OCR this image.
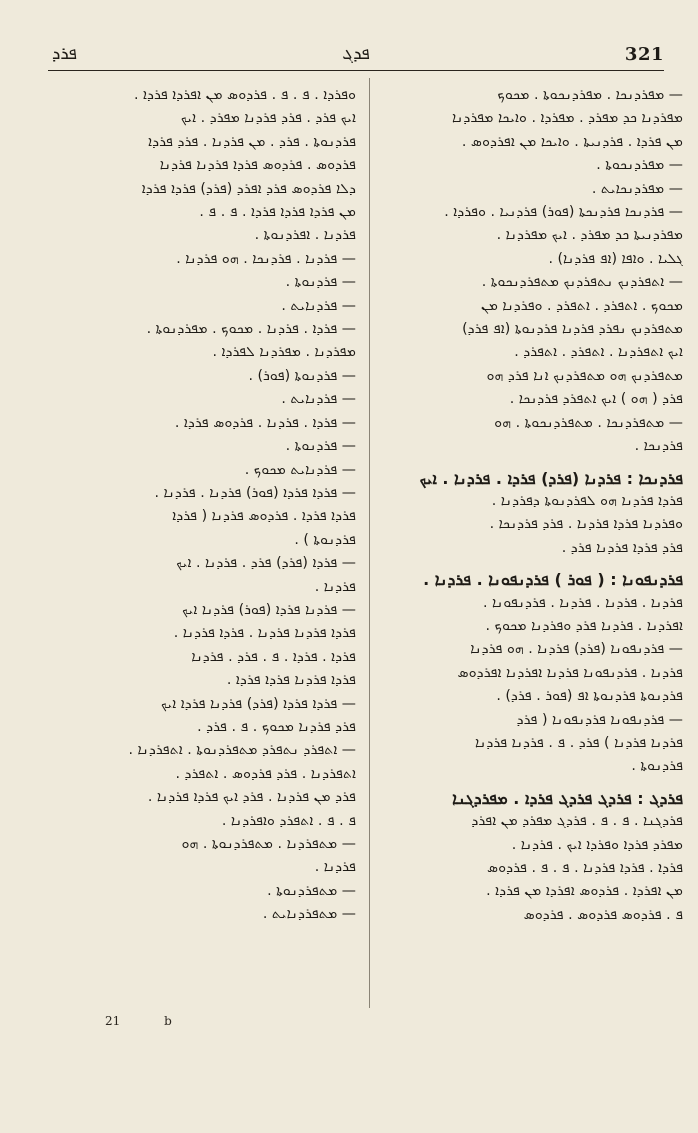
ܦܪܕ	ܦܕܓ	321
ܘܦܪܕܐ . ܦ . ܦ . ܦܪܕܘܣ ܡܢ ܐܦܪܕܐ ܦܪܕܐ .
ܐܝܟ ܦܪܕ . ܦܪܕ ܦܪܕܢܐ ܡܦܪܕ . ܐܝܟ
ܦܪܕܢܘܬܐ . ܦܪܕ . ܡܢ ܦܪܕܢܐ . ܦܪܕ ܦܪܕܐ
ܦܪܕܘܣ . ܦܪܕܘܣ ܦܪܕܐ ܦܪܕܢܐ ܦܪܕܢܐ
ܕܠܐ ܦܪܕܘܣ ܦܪܕ ܐܦܪܕ (ܦܪܕ) ܦܪܕܐ ܦܪܕܐ
ܡܢ ܦܪܕܐ ܦܪܕܐ ܦܪܕܐ . ܦ . ܦ .
ܦܪܕܢܐ . ܐܦܪܕܢܘܬܐ .
— ܦܪܕܢܐ . ܦܪܕܢܟܐ . ܗܘ ܦܪܕܢܐ .
— ܦܪܕܢܘܬܐ .
— ܦܪܕܢܐܝܬ .
— ܦܪܕܐ . ܦܪܕܢܐ . ܡܟܘܟ . ܡܦܪܕܢܘܬܐ .
ܡܦܪܕܢܐ . ܡܦܪܕܢܐ ܠܦܪܕܐ .
— ܦܪܕܢܘܬܐ (ܦܘܪ) .
— ܦܪܕܢܐܝܬ .
— ܦܪܕܐ . ܦܪܕܢܐ . ܦܪܕܘܣ ܦܪܕܐ .
— ܦܪܕܢܘܬܐ .
— ܦܪܕܢܐܝܬ ܡܟܘܟ .
— ܦܪܕܐ ܦܪܕܐ (ܦܘܪ) ܦܪܕܢܐ . ܦܪܕܢܐ .
ܦܪܕܐ ܦܪܕܐ . ܦܪܕܘܣ ܦܪܕܢܐ ( ܦܪܕܐ
ܦܪܕܢܘܬܐ ) .
— ܦܪܕܐ (ܦܪܕ) ܦܪܕ . ܦܪܕܢܐ . ܐܝܟ
ܦܪܕܢܐ .
— ܦܪܕܢܐ ܦܪܕܐ (ܦܘܪ) ܦܪܕܢܐ ܐܝܟ
ܦܪܕܐ ܦܪܕܢܐ ܦܪܕܢܐ . ܦܪܕܐ ܦܪܕܢܐ .
ܦܪܕܐ . ܦܪܕܐ . ܦ . ܦܪܕ . ܦܪܕܢܐ
ܦܪܕܐ ܦܪܕܢܐ ܦܪܕܐ ܦܪܕܐ .
— ܦܪܕܐ ܦܪܕܐ (ܦܪܕ) ܦܪܕܢܐ ܦܪܕܐ ܐܝܟ
ܦܪܕ ܦܪܕܢܐ ܡܟܘܟ . ܦ . ܦܪܕ .
— ܐܬܦܪܕ ܢܬܦܪܕ ܡܬܦܪܕܢܘܬܐ . ܐܬܦܪܕܢܐ .
ܐܬܦܪܕܢܐ . ܦܪܕ ܦܪܕܘܣ . ܐܬܦܪܕ .
ܦܪܕ ܡܢ ܦܪܕܢܐ . ܦܪܕ ܐܝܟ ܦܪܕܐ ܦܪܕܢܐ .
ܦ . ܦ . ܐܬܦܪܕ ܘܐܦܪܕܢܐ .
— ܡܬܦܪܕܢܐ . ܡܬܦܪܕܢܘܬܐ . ܗܘ
ܦܪܕܢܐ .
— ܡܬܦܪܕܢܘܬܐ .
— ܡܬܦܪܕܢܐܝܬ .
— ܡܦܪܕܢܟܐ . ܡܦܪܕܢܟܘܬܐ . ܡܟܘܟ
ܡܦܪܕܢܐ ܟܕ ܡܦܪܕ . ܡܦܪܕܐ . ܘܐܝܟܐ ܡܦܪܕܢܐ
ܡܢ ܦܪܕܐ . ܦܪܕܢܝܬܐ . ܘܐܝܟܐ ܡܢ ܐܦܪܕܘܣ .
— ܡܦܪܕܢܟܘܬܐ .
— ܡܦܪܕܢܟܐܝܬ .
— ܦܪܕܢܟܐ ܦܪܕܢܟܬܐ (ܦܘܪ) ܦܪܕܢܝܐ . ܘܦܪܕܐ .
ܡܦܪܕܢܝܬܐ ܟܕ ܡܦܪܕ . ܐܝܟ ܡܦܪܕܢܐ .
ܓܠܝܐ . ܘܐܦܐ (ܐܦ ܦܪܕܢܐ) .
— ܐܬܦܪܕܢܟ ܢܬܦܪܕܢܟ ܡܬܦܪܕܢܟܘܬܐ .
ܡܟܘܟ . ܐܬܦܪܕ . ܐܬܦܪܕ . ܘܦܪܕܢܐ ܡܢ
ܡܬܦܪܕܢܟ ܢܦܪܕ ܦܪܕܢܐ ܦܪܕܢܘܬܐ (ܐܦ ܦܪܕ)
ܐܝܟ ܐܬܦܪܕܢܐ . ܐܬܦܪܕ . ܐܬܦܪܕ .
ܡܬܦܪܕܢܟ ܗܘ ܡܬܦܪܕܢܟ ܐܢܐ ܦܪܕ ܗܘ
ܦܪܕ ( ܗܘ ) ܐܝܟ ܐܬܦܪܕ ܦܪܕܢܟܐ .
— ܡܬܦܪܕܢܟܐ . ܡܬܦܪܕܢܟܘܬܐ . ܗܘ
ܦܪܕܢܟܐ .
ܦܪܕܢܟܐ : ܦܪܕܢܐ (ܦܪܕ) ܦܪܕܐ . ܦܪܕܢܐ . ܐܝܟ
ܦܪܕܐ ܦܪܕܢܐ ܗܘ ܠܦܪܕܢܘܬܐ ܕܦܪܕܢܐ .
ܘܦܪܕܢܐ ܦܪܕܐ ܦܪܕܢܐ . ܦܪܕ ܦܪܕܢܟܐ .
ܦܪܕ ܦܪܕܐ ܦܪܕܢܐ ܦܪܕ .
ܦܪܕܢܦܘܢܐ : ( ܦܘܪ ) ܦܪܕܢܦܘܢܐ . ܦܪܕܢܐ .
ܦܪܕܢܐ . ܦܪܕܢܐ . ܦܪܕܢܐ . ܦܪܕܢܦܘܢܐ .
ܐܦܪܕܢܐ . ܦܪܕܢܐ ܦܪܕ ܘܦܪܕܢܐ ܡܟܘܟ .
— ܦܪܕܢܦܘܢܐ (ܦܪܕ) ܦܪܕܢܐ . ܗܘ ܦܪܕܢܐ
ܦܪܕܢܐ . ܦܪܕܢܦܘܢܐ ܦܪܕܢܐ ܐܦܪܕܢܐ ܐܦܪܕܘܣ
ܦܪܕܢܘܬܐ ܦܪܕܢܘܬܐ ܐܦ (ܦܘܪ . ܦܪܕ) .
— ܦܪܕܢܦܘܢܐ ܦܪܕܢܦܘܢܐ ( ܦܪܕ
ܦܪܕܢܐ ܦܪܕܢܐ ) ܦܪܕ . ܦ . ܦܪܕܢܐ ܦܪܕܢܐ
ܦܪܕܢܘܬܐ .
ܦܪܕܓ : ܦܪܕܓ ܦܪܕܓ ܦܪܕܐ . ܡܦܪܕܓܢܐ
ܦܪܕܓܢܐ . ܦ . ܦ . ܦܪܕܓ ܡܦܪܕ ܡܢ ܐܦܪܕ
ܡܦܪܕ ܦܪܕܐ ܘܦܪܕܐ ܐܝܟ . ܦܪܕܢܐ .
ܦܪܕܐ . ܦܪܕܐ ܦܪܕܢܐ . ܦ . ܦ . ܦܪܕܘܣ
ܡܢ ܐܦܪܕܐ . ܦܪܕܘܣ ܐܦܪܕܐ ܡܢ ܦܪܕܐ .
ܦ . ܦܪܕܘܣ ܦܪܕܘܣ . ܦܪܕܘܣ
21	b
